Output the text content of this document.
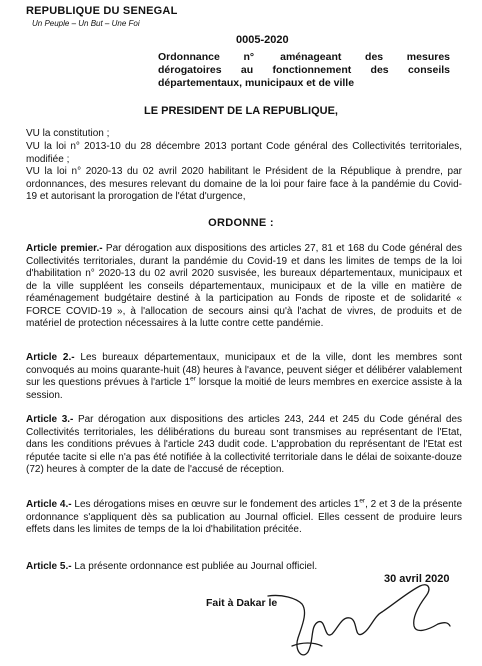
REPUBLIQUE DU SENEGAL
Un Peuple – Un But – Une Foi
0005-2020
Ordonnance n° aménageant des mesures dérogatoires au fonctionnement des conseils départementaux, municipaux et de ville
LE PRESIDENT DE LA REPUBLIQUE,
VU la constitution ;
VU la loi n° 2013-10 du 28 décembre 2013 portant Code général des Collectivités territoriales, modifiée ;
VU la loi n° 2020-13 du 02 avril 2020 habilitant le Président de la République à prendre, par ordonnances, des mesures relevant du domaine de la loi pour faire face à la pandémie du Covid-19 et autorisant la prorogation de l'état d'urgence,
ORDONNE :
Article premier.- Par dérogation aux dispositions des articles 27, 81 et 168 du Code général des Collectivités territoriales, durant la pandémie du Covid-19 et dans les limites de temps de la loi d'habilitation n° 2020-13 du 02 avril 2020 susvisée, les bureaux départementaux, municipaux et de la ville suppléent les conseils départementaux, municipaux et de la ville en matière de réaménagement budgétaire destiné à la participation au Fonds de riposte et de solidarité « FORCE COVID-19 », à l'allocation de secours ainsi qu'à l'achat de vivres, de produits et de matériel de protection nécessaires à la lutte contre cette pandémie.
Article 2.- Les bureaux départementaux, municipaux et de la ville, dont les membres sont convoqués au moins quarante-huit (48) heures à l'avance, peuvent siéger et délibérer valablement sur les questions prévues à l'article 1er lorsque la moitié de leurs membres en exercice assiste à la session.
Article 3.- Par dérogation aux dispositions des articles 243, 244 et 245 du Code général des Collectivités territoriales, les délibérations du bureau sont transmises au représentant de l'Etat, dans les conditions prévues à l'article 243 dudit code. L'approbation du représentant de l'Etat est réputée tacite si elle n'a pas été notifiée à la collectivité territoriale dans le délai de soixante-douze (72) heures à compter de la date de l'accusé de réception.
Article 4.- Les dérogations mises en œuvre sur le fondement des articles 1er, 2 et 3 de la présente ordonnance s'appliquent dès sa publication au Journal officiel. Elles cessent de produire leurs effets dans les limites de temps de la loi d'habilitation précitée.
Article 5.- La présente ordonnance est publiée au Journal officiel.
30 avril 2020
Fait à Dakar le
